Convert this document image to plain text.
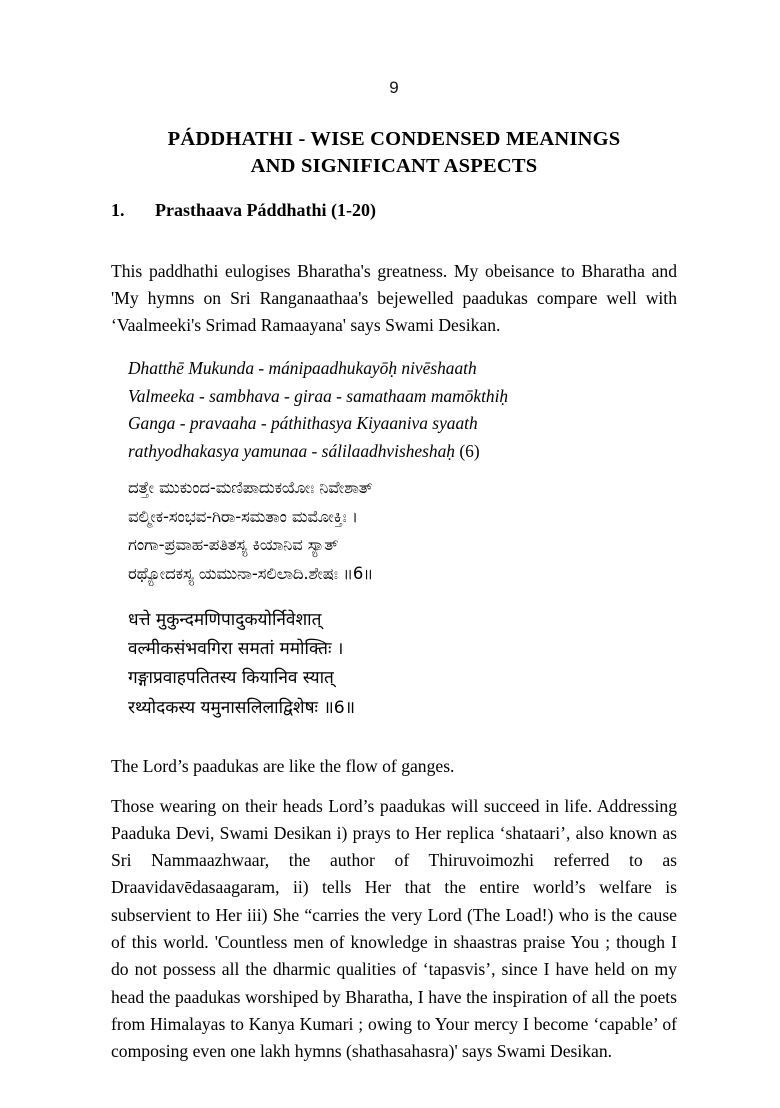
9
PÁDDHATHI - WISE CONDENSED MEANINGS
AND SIGNIFICANT ASPECTS
1. Prasthaava Páddhathi (1-20)

This paddhathi eulogises Bharatha's greatness. My obeisance to Bharatha and 'My hymns on Sri Ranganaathaa's bejewelled paadukas compare well with ‘Vaalmeeki's Srimad Ramaayana' says Swami Desikan.

Dhatthē Mukunda - mánipaadhukayōḥ nivēshaath
Valmeeka - sambhava - giraa - samathaam mamōkthiḥ
Ganga - pravaaha - páthithasya Kiyaaniva syaath
rathyodhakasya yamunaa - sálilaadhvisheshaḥ (6)
ದತ್ತೇ ಮುಕುಂದ-ಮಣಿಪಾದುಕಯೋಃ ನಿವೇಶಾತ್
ವಲ್ಮೀಕ-ಸಂಭವ-ಗಿರಾ-ಸಮತಾಂ ಮಮೋಕ್ತಿಃ ।
ಗಂಗಾ-ಪ್ರವಾಹ-ಪತಿತಸ್ಯ ಕಿಯಾನಿವ ಸ್ಯಾತ್
ರಥ್ಯೋದಕಸ್ಯ ಯಮುನಾ-ಸಲಿಲಾದಿ.ಶೇಷಃ ॥6॥
धत्ते मुकुन्दमणिपादुकयोर्निवेशात्
वल्मीकसंभवगिरा समतां ममोक्तिः ।
गङ्गाप्रवाहपतितस्य कियानिव स्यात्
रथ्योदकस्य यमुनासलिलाद्विशेषः ॥6॥

The Lord’s paadukas are like the flow of ganges.

Those wearing on their heads Lord’s paadukas will succeed in life. Addressing Paaduka Devi, Swami Desikan i) prays to Her replica ‘shataari’, also known as Sri Nammaazhwaar, the author of Thiruvoimozhi referred to as Draavidavēdasaagaram, ii) tells Her that the entire world’s welfare is subservient to Her iii) She “carries the very Lord (The Load!) who is the cause of this world. 'Countless men of knowledge in shaastras praise You ; though I do not possess all the dharmic qualities of ‘tapasvis’, since I have held on my head the paadukas worshiped by Bharatha, I have the inspiration of all the poets from Himalayas to Kanya Kumari ; owing to Your mercy I become ‘capable’ of composing even one lakh hymns (shathasahasra)' says Swami Desikan.
